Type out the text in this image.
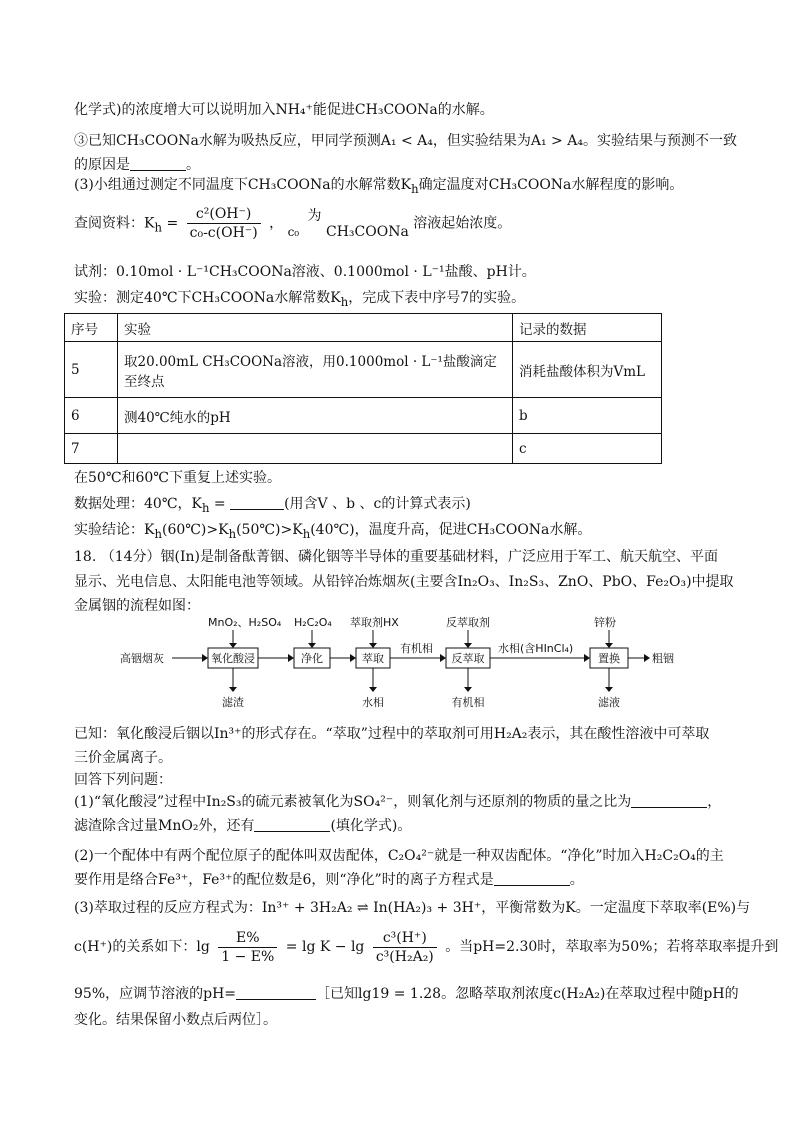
化学式)的浓度增大可以说明加入NH₄⁺能促进CH₃COONa的水解。
③已知CH₃COONa水解为吸热反应，甲同学预测A₁ < A₄，但实验结果为A₁ > A₄。实验结果与预测不一致
的原因是	。
(3)小组通过测定不同温度下CH₃COONa的水解常数$K_h$确定温度对CH₃COONa水解程度的影响。
查阅资料：$K_h = \frac{\text{c²(OH⁻)}}{\text{c₀-c(OH⁻)}}$ ， c₀ 为 CH₃COONa 溶液起始浓度。
试剂：0.10mol · L⁻¹CH₃COONa溶液、0.1000mol · L⁻¹盐酸、pH计。
实验：测定40℃下CH₃COONa水解常数$K_h$，完成下表中序号7的实验。
序号	实验	记录的数据
5	取20.00mL CH₃COONa溶液，用0.1000mol · L⁻¹盐酸滴定至终点	消耗盐酸体积为VmL
6	测40℃纯水的pH	b
7		c
在50℃和60℃下重复上述实验。
数据处理：40℃，$K_h$ =	(用含V 、b 、c的计算式表示)
实验结论：$K_h(60℃)>K_h(50℃)>K_h(40℃)$，温度升高，促进CH₃COONa水解。
18. （14分）铟(In)是制备酞菁铟、磷化铟等半导体的重要基础材料，广泛应用于军工、航天航空、平面
显示、光电信息、太阳能电池等领域。从铅锌冶炼烟灰(主要含In₂O₃、In₂S₃、ZnO、PbO、Fe₂O₃)中提取
金属铟的流程如图：
高铟烟灰	氧化酸浸
MnO₂、H₂SO₄
滤渣
净化
H₂C₂O₄
萃取
萃取剂HX
水相
有机相
反萃取
反萃取剂
有机相
水相(含HInCl₄)
置换
锌粉
滤液
粗铟
已知：氧化酸浸后铟以In³⁺的形式存在。“萃取”过程中的萃取剂可用H₂A₂表示，其在酸性溶液中可萃取
三价金属离子。
回答下列问题：
(1)“氧化酸浸”过程中In₂S₃的硫元素被氧化为SO₄²⁻，则氧化剂与还原剂的物质的量之比为	，
滤渣除含过量MnO₂外，还有	(填化学式)。
(2)一个配体中有两个配位原子的配体叫双齿配体，C₂O₄²⁻就是一种双齿配体。“净化”时加入H₂C₂O₄的主
要作用是络合Fe³⁺，Fe³⁺的配位数是6，则“净化”时的离子方程式是	。
(3)萃取过程的反应方程式为：In³⁺ + 3H₂A₂ ⇌ In(HA₂)₃ + 3H⁺，平衡常数为K。一定温度下萃取率(E%)与
c(H⁺)的关系如下：$\lg \frac{E\%}{1 - E\%} = \lg K - \lg \frac{\text{c³(H⁺)}}{\text{c³(H₂A₂)}}$ 。当pH=2.30时，萃取率为50%；若将萃取率提升到
95%，应调节溶液的pH=	［已知lg19 = 1.28。忽略萃取剂浓度c(H₂A₂)在萃取过程中随pH的
变化。结果保留小数点后两位］。
